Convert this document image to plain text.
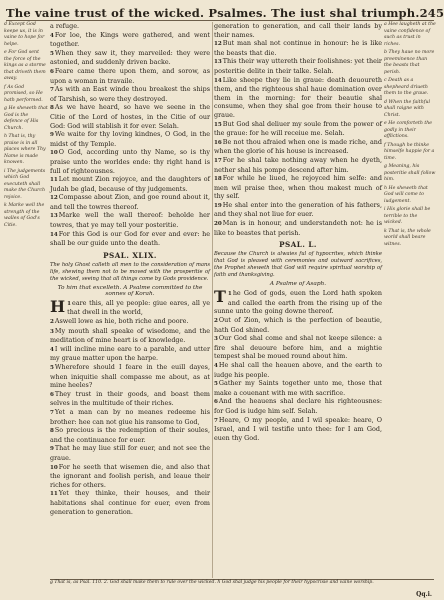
The vaine trust of the wicked. Psalmes. The iust shal triumph. 245

d Except God keepe us, it is in vaine to hope for helpe.

e For God sent the force of the kings as a storme that driveth them away.

f As God promised, so He hath performed.

g He sheweth that God is the defence of His Church.

h That is, thy praise is in all places where Thy Name is made knowen.

i The judgements which God executeth shall make the Church rejoice.

k Marke well the strength of the walles of God's Citie.

a refuge.

4For loe, the Kings were gathered, and went together.

5When they saw it, they marveiled: they were astonied, and suddenly driven backe.

6Feare came there upon them, and sorow, as upon a woman in travaile.

7As with an East winde thou breakest the ships of Tarshish, so were they destroyed.

8As we have heard, so have we seene in the Citie of the Lord of hostes, in the Citie of our God: God will stablish it for ever. Selah.

9We waite for thy loving kindnes, O God, in the midst of thy Temple.

10O God, according unto thy Name, so is thy praise unto the worldes ende: thy right hand is full of righteousnes.

11Let mount Zion rejoyce, and the daughters of Judah be glad, because of thy judgements.

12Compasse about Zion, and goe round about it, and tell the towres thereof.

13Marke well the wall thereof: beholde her towres, that ye may tell your posteritie.

14For this God is our God for ever and ever: he shall be our guide unto the death.

PSAL. XLIX.
The holy Ghost calleth all men to the consideration of mans life, shewing them not to be moved with the prosperitie of the wicked, seeing that all things come by Gods providence.
To him that excelleth. A Psalme committed to the sonnes of Korah.

H 1eare this, all ye people: giue eares, all ye that dwell in the world,

2Aswell lowe as hie, both riche and poore.

3My mouth shall speake of wisedome, and the meditation of mine heart is of knowledge.

4I will incline mine eare to a parable, and utter my graue matter upon the harpe.

5Wherefore should I feare in the euill dayes, when iniquitie shall compasse me about, as at mine heeles?

6They trust in their goods, and boast them selves in the multitude of their riches.

7Yet a man can by no meanes redeeme his brother: hee can not giue his ransome to God,

8So precious is the redemption of their soules, and the continuance for euer.

9That he may liue still for euer, and not see the graue.

10For he seeth that wisemen die, and also that the ignorant and foolish perish, and leaue their riches for others.

11Yet they thinke, their houses, and their habitations shal continue for euer, even from generation to generation.

generation to generation, and call their lands by their names.

12But man shal not continue in honour: he is like the beasts that die.

13This their way uttereth their foolishnes: yet their posteritie delite in their talke. Selah.

14Like sheepe they lie in graue: death deuoureth them, and the righteous shal haue domination over them in the morning: for their beautie shal consume, when they shal goe from their house to graue.

15But God shal deliuer my soule from the power of the graue: for he will receiue me. Selah.

16Be not thou afraied when one is made riche, and when the glorie of his house is increased.

17For he shal take nothing away when he dyeth, nether shal his pompe descend after him.

18For while he liued, he rejoyced him selfe: and men wil praise thee, when thou makest much of thy self.

19He shal enter into the generation of his fathers, and they shal not liue for euer.

20Man is in honour, and understandeth not: he is like to beastes that perish.

PSAL. L.
Because the Church is alwaies ful of hypocrites, which thinke that God is pleased with ceremonies and outward sacrifices, the Prophet sheweth that God will require spiritual worship of faith and thanksgiving.
A Psalme of Asaph.

T 1he God of gods, euen the Lord hath spoken and called the earth from the rising up of the sunne unto the going downe thereof.

2Out of Zion, which is the perfection of beautie, hath God shined.

3Our God shal come and shal not keepe silence: a fire shal deuoure before him, and a mightie tempest shal be moued round about him.

4He shal call the heauen above, and the earth to iudge his people.

5Gather my Saints together unto me, those that make a couenant with me with sacrifice.

6And the heauens shal declare his righteousnes: for God is iudge him self. Selah.

7Heare, O my people, and I wil speake: heare, O Israel, and I wil testifie unto thee: for I am God, euen thy God.

a Hee laugheth at the vaine confidence of such as trust in riches.

b They haue no more preeminence than the beasts that perish.

c Death as a shepheard driueth them to the graue.

d When the faithful shall raigne with Christ.

e He comforteth the godly in their afflictions.

f Though he thinke himselfe happie for a time.

g Meaning, his posteritie shall follow him.

h He sheweth that God will come to iudgement.

i His glorie shall be terrible to the wicked.

k That is, the whole world shall beare witnes.

g That is, as Psal. 110. 2. God shall make them to rule over the wicked. h God shal judge his people for their hypocrisie and vaine worship.
Qq.i.
